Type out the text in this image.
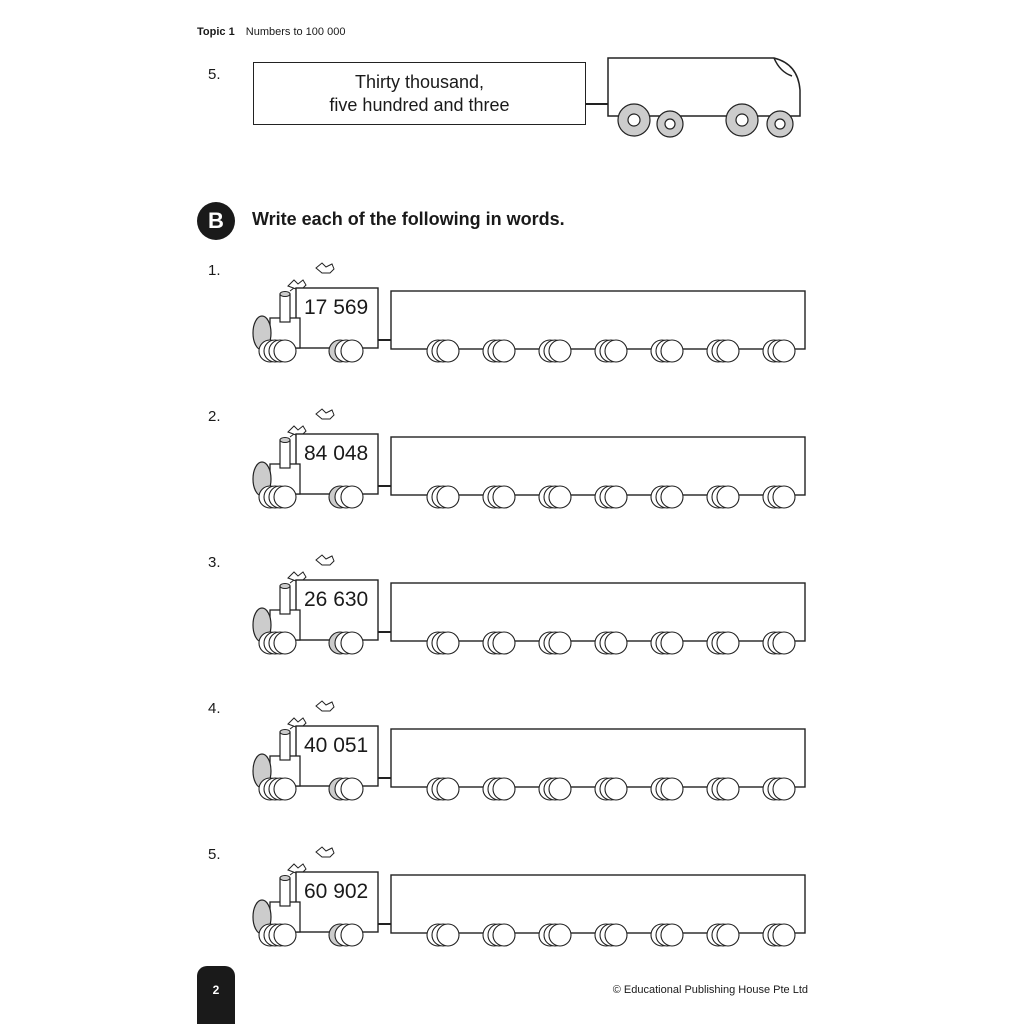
Topic 1 Numbers to 100 000
5.	Thirty thousand,
five hundred and three
B	Write each of the following in words.
1.
17 569
2.
84 048
3.
26 630
4.
40 051
5.
60 902
2	© Educational Publishing House Pte Ltd
